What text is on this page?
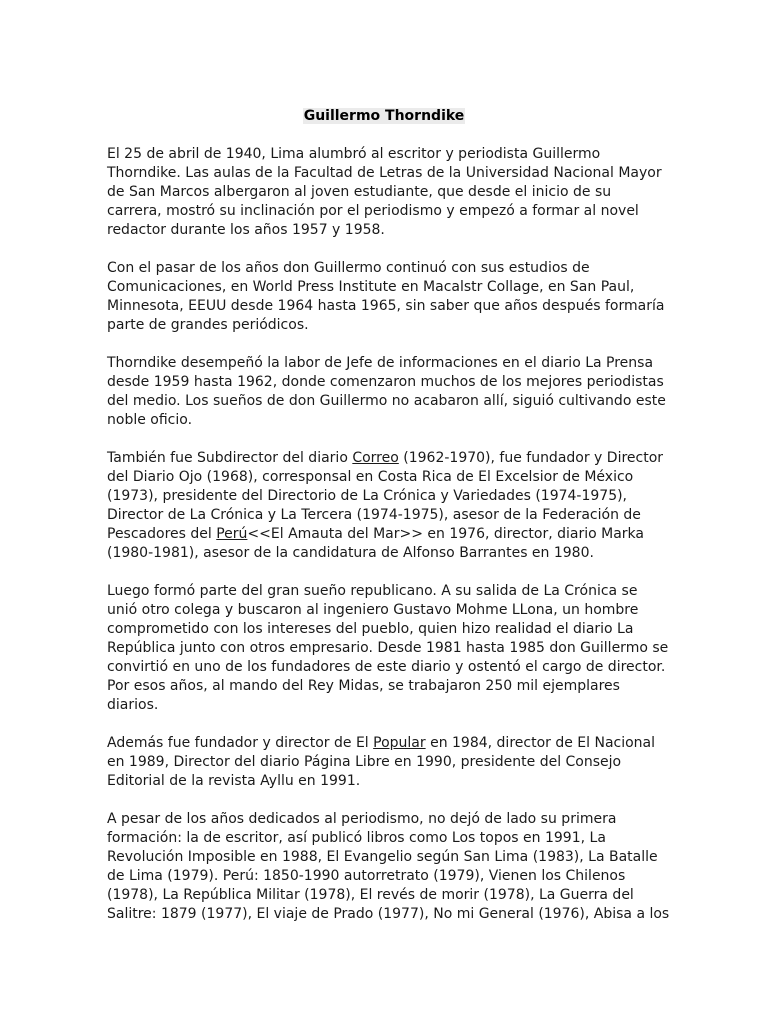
Guillermo Thorndike

El 25 de abril de 1940, Lima alumbró al escritor y periodista Guillermo
Thorndike. Las aulas de la Facultad de Letras de la Universidad Nacional Mayor
de San Marcos albergaron al joven estudiante, que desde el inicio de su
carrera, mostró su inclinación por el periodismo y empezó a formar al novel
redactor durante los años 1957 y 1958.

Con el pasar de los años don Guillermo continuó con sus estudios de
Comunicaciones, en World Press Institute en Macalstr Collage, en San Paul,
Minnesota, EEUU desde 1964 hasta 1965, sin saber que años después formaría
parte de grandes periódicos.

Thorndike desempeñó la labor de Jefe de informaciones en el diario La Prensa
desde 1959 hasta 1962, donde comenzaron muchos de los mejores periodistas
del medio. Los sueños de don Guillermo no acabaron allí, siguió cultivando este
noble oficio.

También fue Subdirector del diario Correo (1962-1970), fue fundador y Director
del Diario Ojo (1968), corresponsal en Costa Rica de El Excelsior de México
(1973), presidente del Directorio de La Crónica y Variedades (1974-1975),
Director de La Crónica y La Tercera (1974-1975), asesor de la Federación de
Pescadores del Perú<<El Amauta del Mar>> en 1976, director, diario Marka
(1980-1981), asesor de la candidatura de Alfonso Barrantes en 1980.

Luego formó parte del gran sueño republicano. A su salida de La Crónica se
unió otro colega y buscaron al ingeniero Gustavo Mohme LLona, un hombre
comprometido con los intereses del pueblo, quien hizo realidad el diario La
República junto con otros empresario. Desde 1981 hasta 1985 don Guillermo se
convirtió en uno de los fundadores de este diario y ostentó el cargo de director.
Por esos años, al mando del Rey Midas, se trabajaron 250 mil ejemplares
diarios.

Además fue fundador y director de El Popular en 1984, director de El Nacional
en 1989, Director del diario Página Libre en 1990, presidente del Consejo
Editorial de la revista Ayllu en 1991.

A pesar de los años dedicados al periodismo, no dejó de lado su primera
formación: la de escritor, así publicó libros como Los topos en 1991, La
Revolución Imposible en 1988, El Evangelio según San Lima (1983), La Batalle
de Lima (1979). Perú: 1850-1990 autorretrato (1979), Vienen los Chilenos
(1978), La República Militar (1978), El revés de morir (1978), La Guerra del
Salitre: 1879 (1977), El viaje de Prado (1977), No mi General (1976), Abisa a los
